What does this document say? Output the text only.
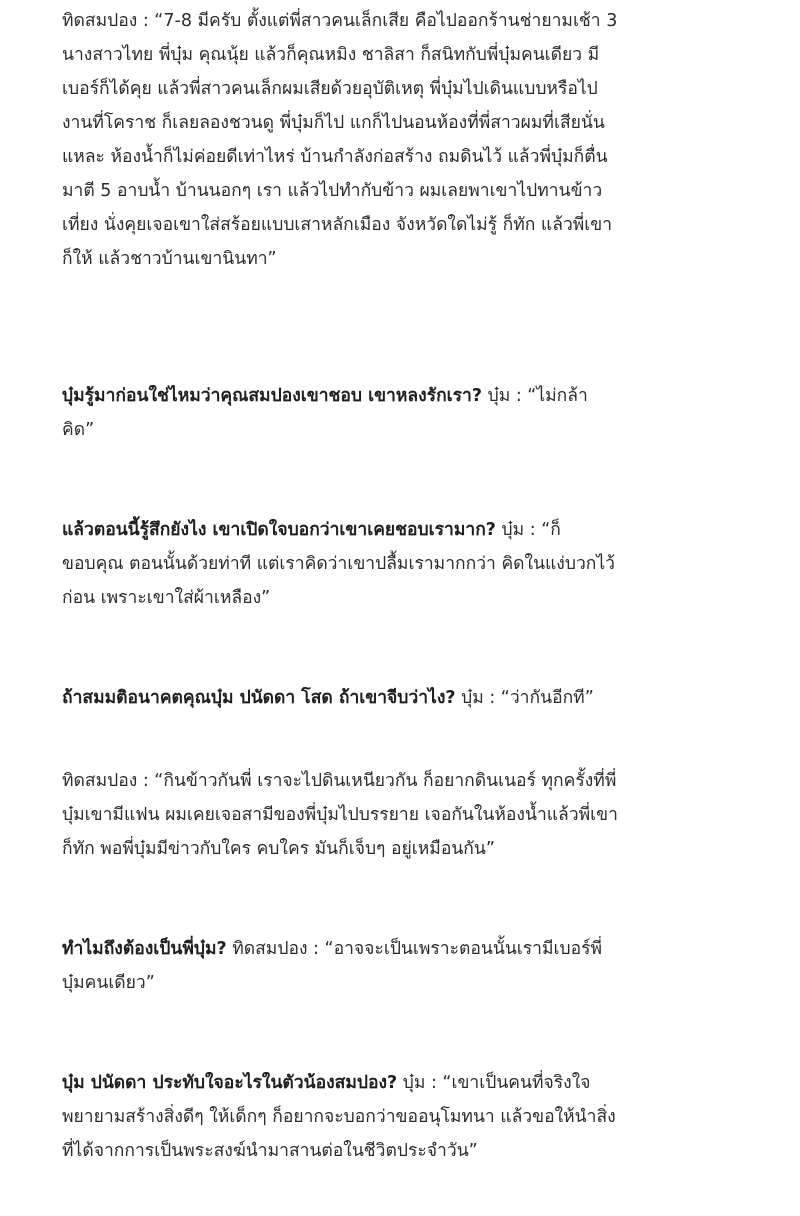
ทิดสมปอง : “7-8 มีครับ ตั้งแต่พี่สาวคนเล็กเสีย คือไปออกร้านช่ายามเช้า 3
นางสาวไทย พี่บุ๋ม คุณนุ้ย แล้วก็คุณหมิง ชาลิสา ก็สนิทกับพี่บุ๋มคนเดียว มี
เบอร์ก็ได้คุย แล้วพี่สาวคนเล็กผมเสียด้วยอุบัติเหตุ พี่บุ๋มไปเดินแบบหรือไป
งานที่โคราช ก็เลยลองชวนดู พี่บุ๋มก็ไป แกก็ไปนอนห้องที่พี่สาวผมที่เสียนั่น
แหละ ห้องน้ำก็ไม่ค่อยดีเท่าไหร่ บ้านกำลังก่อสร้าง ถมดินไว้ แล้วพี่บุ๋มก็ตื่น
มาตี 5 อาบน้ำ บ้านนอกๆ เรา แล้วไปทำกับข้าว ผมเลยพาเขาไปทานข้าว
เที่ยง นั่งคุยเจอเขาใส่สร้อยแบบเสาหลักเมือง จังหวัดใดไม่รู้ ก็ทัก แล้วพี่เขา
ก็ให้ แล้วชาวบ้านเขานินทา”
บุ๋มรู้มาก่อนใช่ไหมว่าคุณสมปองเขาชอบ เขาหลงรักเรา? บุ๋ม : “ไม่กล้า
คิด”
แล้วตอนนี้รู้สึกยังไง เขาเปิดใจบอกว่าเขาเคยชอบเรามาก? บุ๋ม : “ก็
ขอบคุณ ตอนนั้นด้วยท่าที แต่เราคิดว่าเขาปลื้มเรามากกว่า คิดในแง่บวกไว้
ก่อน เพราะเขาใส่ผ้าเหลือง”
ถ้าสมมติอนาคตคุณบุ๋ม ปนัดดา โสด ถ้าเขาจีบว่าไง? บุ๋ม : “ว่ากันอีกที”
ทิดสมปอง : “กินข้าวกันพี่ เราจะไปดินเหนียวกัน ก็อยากดินเนอร์ ทุกครั้งที่พี่
บุ๋มเขามีแฟน ผมเคยเจอสามีของพี่บุ๋มไปบรรยาย เจอกันในห้องน้ำแล้วพี่เขา
ก็ทัก พอพี่บุ๋มมีข่าวกับใคร คบใคร มันก็เจ็บๆ อยู่เหมือนกัน”
ทำไมถึงต้องเป็นพี่บุ๋ม? ทิดสมปอง : “อาจจะเป็นเพราะตอนนั้นเรามีเบอร์พี่
บุ๋มคนเดียว”
บุ๋ม ปนัดดา ประทับใจอะไรในตัวน้องสมปอง? บุ๋ม : “เขาเป็นคนที่จริงใจ
พยายามสร้างสิ่งดีๆ ให้เด็กๆ ก็อยากจะบอกว่าขออนุโมทนา แล้วขอให้นำสิ่ง
ที่ได้จากการเป็นพระสงฆ์นำมาสานต่อในชีวิตประจำวัน”
